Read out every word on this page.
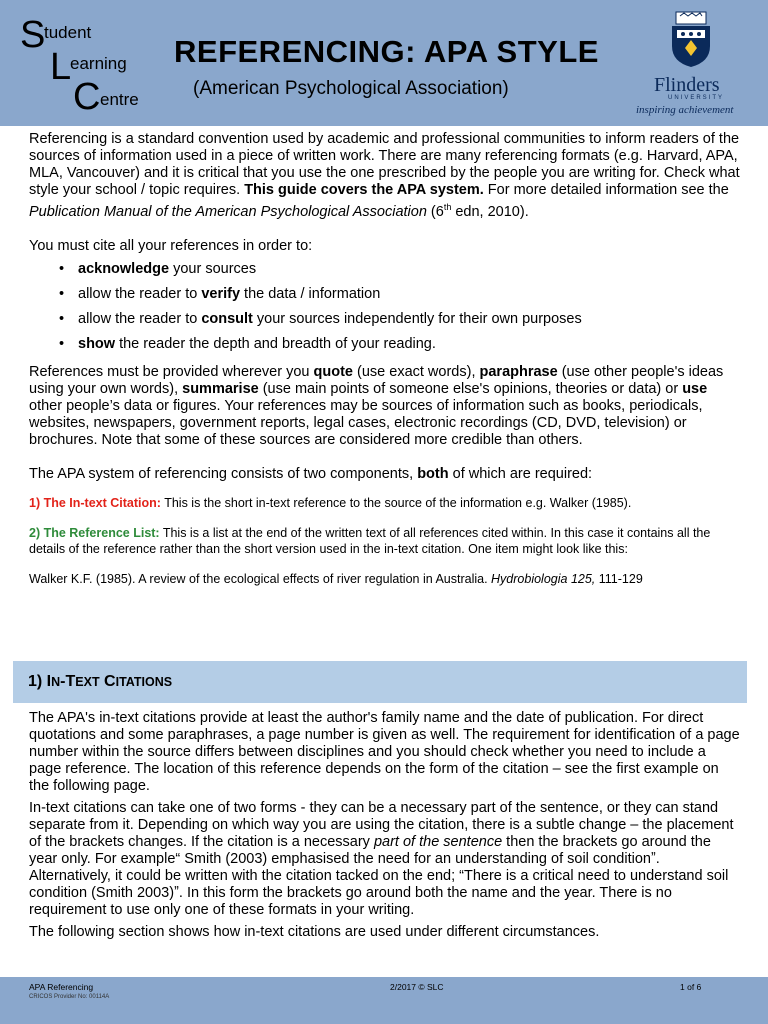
S
tudent
L
earning
C entre
REFERENCING: APA STYLE
(American Psychological Association)	Flinders
UNIVERSITY
inspiring achievement

Referencing is a standard convention used by academic and professional communities to inform readers of the sources of information used in a piece of written work. There are many referencing formats (e.g. Harvard, APA, MLA, Vancouver) and it is critical that you use the one prescribed by the people you are writing for. Check what style your school / topic requires. This guide covers the APA system. For more detailed information see the Publication Manual of the American Psychological Association (6th edn, 2010).

You must cite all your references in order to:

• acknowledge your sources
• allow the reader to verify the data / information
• allow the reader to consult your sources independently for their own purposes
• show the reader the depth and breadth of your reading.

References must be provided wherever you quote (use exact words), paraphrase (use other people's ideas using your own words), summarise (use main points of someone else's opinions, theories or data) or use other people’s data or figures. Your references may be sources of information such as books, periodicals, websites, newspapers, government reports, legal cases, electronic recordings (CD, DVD, television) or brochures. Note that some of these sources are considered more credible than others.

The APA system of referencing consists of two components, both of which are required:

1) The In-text Citation: This is the short in-text reference to the source of the information e.g. Walker (1985).

2) The Reference List: This is a list at the end of the written text of all references cited within. In this case it contains all the details of the reference rather than the short version used in the in-text citation. One item might look like this:

Walker K.F. (1985). A review of the ecological effects of river regulation in Australia. Hydrobiologia 125, 111-129

1) IN-TEXT CITATIONS

The APA's in-text citations provide at least the author's family name and the date of publication. For direct quotations and some paraphrases, a page number is given as well. The requirement for identification of a page number within the source differs between disciplines and you should check whether you need to include a page reference. The location of this reference depends on the form of the citation – see the first example on the following page.

In-text citations can take one of two forms - they can be a necessary part of the sentence, or they can stand separate from it. Depending on which way you are using the citation, there is a subtle change – the placement of the brackets changes. If the citation is a necessary part of the sentence then the brackets go around the year only. For example“ Smith (2003) emphasised the need for an understanding of soil conditionˮ. Alternatively, it could be written with the citation tacked on the end; “There is a critical need to understand soil condition (Smith 2003)ˮ. In this form the brackets go around both the name and the year. There is no requirement to use only one of these formats in your writing.

The following section shows how in-text citations are used under different circumstances.

APA Referencing
CRICOS Provider No: 00114A
2/2017 © SLC	1 of 6
